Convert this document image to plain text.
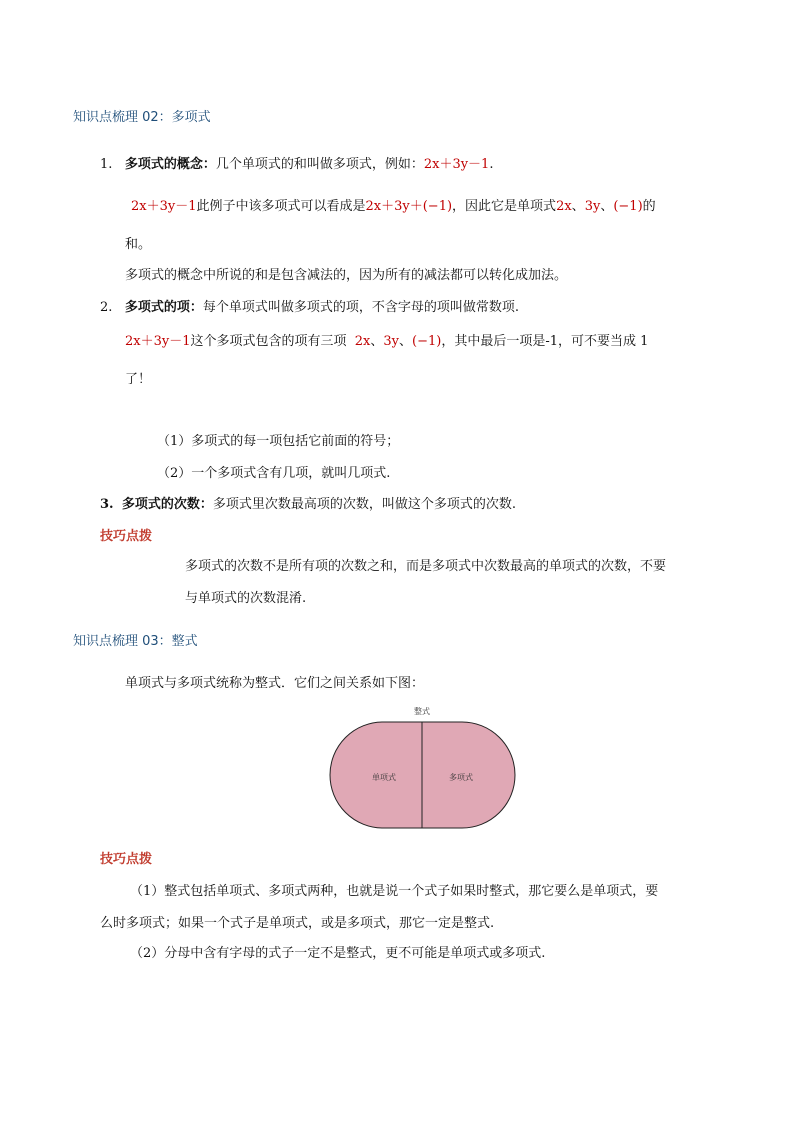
知识点梳理 02：多项式
1. 多项式的概念：几个单项式的和叫做多项式，例如：2x＋3y－1.
2x＋3y－1此例子中该多项式可以看成是2x＋3y＋(−1)，因此它是单项式2x、3y、(−1)的
和。
多项式的概念中所说的和是包含减法的，因为所有的减法都可以转化成加法。
2. 多项式的项：每个单项式叫做多项式的项，不含字母的项叫做常数项.
2x＋3y－1这个多项式包含的项有三项 2x、3y、(−1)，其中最后一项是-1，可不要当成 1
了！
（1）多项式的每一项包括它前面的符号；
（2）一个多项式含有几项，就叫几项式.
3. 多项式的次数：多项式里次数最高项的次数，叫做这个多项式的次数.
技巧点拨
多项式的次数不是所有项的次数之和，而是多项式中次数最高的单项式的次数，不要
与单项式的次数混淆.
知识点梳理 03：整式
单项式与多项式统称为整式．它们之间关系如下图：
整式
单项式	多项式
技巧点拨
（1）整式包括单项式、多项式两种，也就是说一个式子如果时整式，那它要么是单项式，要
么时多项式；如果一个式子是单项式，或是多项式，那它一定是整式.
（2）分母中含有字母的式子一定不是整式，更不可能是单项式或多项式.
